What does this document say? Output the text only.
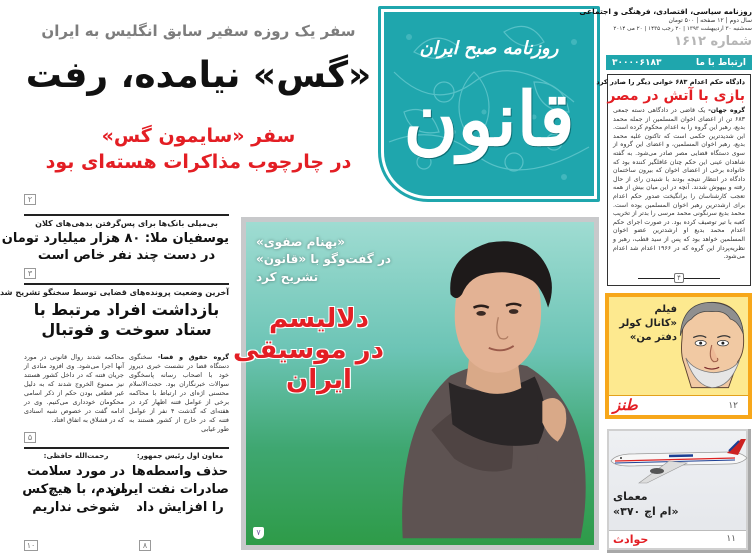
سفر یک روزه سفیر سابق انگلیس به ایران
«گس» نیامده، رفت
سفر «سایمون گس»
در چارچوب مذاکرات هسته‌ای بود
۲
بی‌میلی بانک‌ها برای پس‌گرفتن بدهی‌های کلان
یوسفیان ملا: ۸۰ هزار میلیارد تومان
در دست چند نفر خاص است
۳
آخرین وضعیت پرونده‌های قضایی توسط سخنگو تشریح شد
بازداشت افراد مرتبط با
ستاد سوخت و فوتبال
گروه حقوق و قضا- سخنگوی دستگاه قضا در نشست خبری دیروز خود با اصحاب رسانه پاسخگوی سوالات خبرنگاران بود. حجت‌الاسلام محسنی اژه‌ای در ارتباط با محاکمه برخی از عوامل فتنه اظهار کرد در هفته‌ای که گذشت ۴ نفر از عوامل فتنه که در خارج از کشور هستند به طور غیابی
محاکمه شدند روال قانونی در مورد آنها اجرا می‌شود. وی افزود منادی از جریان فتنه که در داخل کشور هستند نیز ممنوع الخروج شدند که به دلیل غیر قطعی بودن حکم از ذکر اسامی محکومان خودداری می‌کنیم. وی در ادامه گفت در خصوص شبه اسنادی که در قشلاق به اتفاق افتاد.
۵
معاون اول رئیس جمهور:
حذف واسطه‌ها
صادرات نفت ایران
را افزایش داد
۸
رحمت‌الله حافظی:
در مورد سلامت
مردم، با هیچ‌کس
شوخی نداریم
۱۰
روزنامه صبح ایران
قانون
روزنامه سیاسی، اقتصادی، فرهنگی و اجتماعی
سال دوم | ۱۲ صفحه | ۵۰۰ تومان
سه‌شنبه ۳۰ اردیبهشت ۱۳۹۳ | ۲۰ رجب ۱۴۳۵ | ۲۰ می ۲۰۱۴
شماره ۱۶۱۲
ارتباط با ما
۳۰۰۰۰۶۱۸۳
دادگاه حکم اعدام ۶۸۳ خوانی دیگر را صادر کرد
بازی با آتش در مصر
گروه جهان- یک قاضی در دادگاهی دسته جمعی ۶۸۳ تن از اعضای اخوان المسلمین از جمله محمد بدیع، رهبر این گروه را به اعدام محکوم کرده است. این شدیدترین حکمی است که تاکنون علیه محمد بدیع، رهبر اخوان المسلمین، و اعضای این گروه از سوی دستگاه قضایی مصر صادر می‌شود. به گفته شاهدان عینی این حکم چنان غافلگیر کننده بود که خانواده برخی از اعضای اخوان که بیرون ساختمان دادگاه در انتظار نتیجه بودند با شنیدن رای از حال رفته و بیهوش شدند. آنچه در این میان بیش از همه تعجب کارشناسان را برانگیخت صدور حکم اعدام برای ارشدترین رهبر اخوان المسلمین بوده است. محمد بدیع سرنگونی محمد مرسی را بدتر از تخریب کعبه با تیر توصیف کرده بود. در صورت اجرای حکم اعدام محمد بدیع او ارشدترین عضو اخوان المسلمین خواهد بود که پس از سید قطب، رهبر و نظریه‌پرداز این گروه که در ۱۹۶۶ اعدام شد اعدام می‌شود.
۴
فیلم
«کانال کولر
دفتر من»
طنز	۱۲
معمای
«ام اچ ۳۷۰»
حوادث	۱۱
«بهنام صفوی»
در گفت‌وگو با «قانون»
تشریح کرد
دلالیسم
در موسیقی
ایران
۷
